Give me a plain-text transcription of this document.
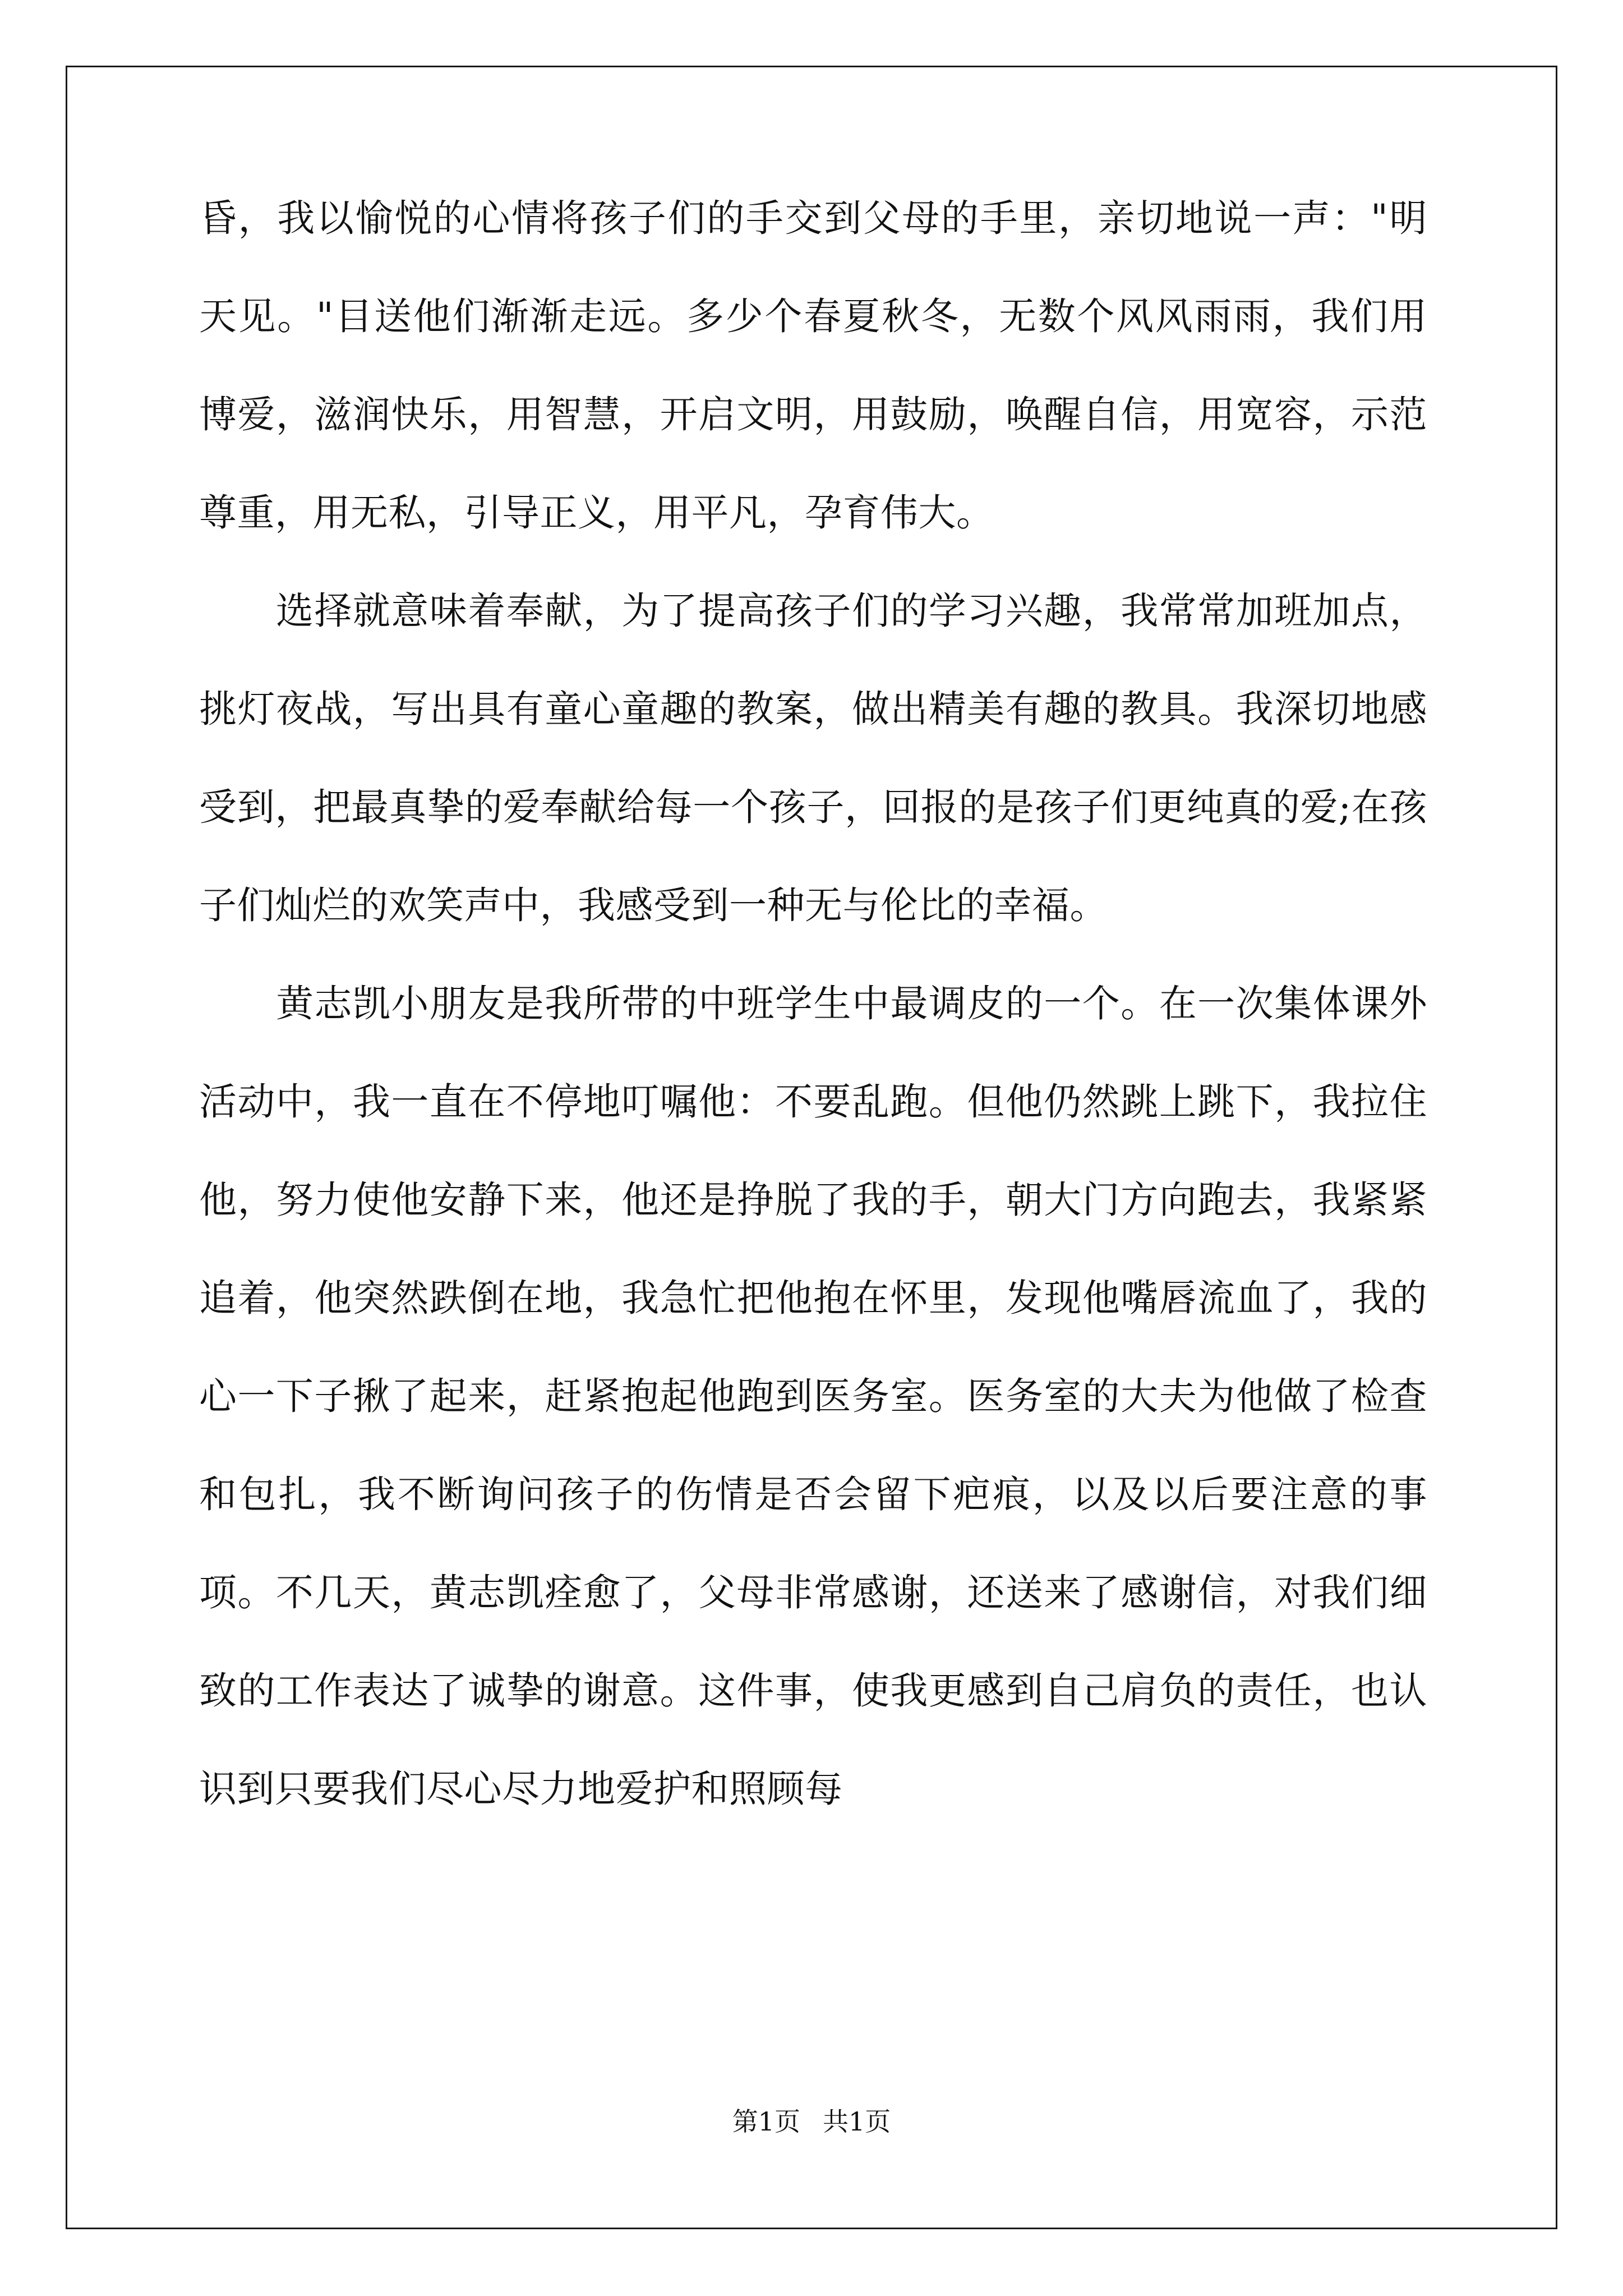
昏，我以愉悦的心情将孩子们的手交到父母的手里，亲切地说一声："明天见。"目送他们渐渐走远。多少个春夏秋冬，无数个风风雨雨，我们用博爱，滋润快乐，用智慧，开启文明，用鼓励，唤醒自信，用宽容，示范尊重，用无私，引导正义，用平凡，孕育伟大。

选择就意味着奉献，为了提高孩子们的学习兴趣，我常常加班加点，挑灯夜战，写出具有童心童趣的教案，做出精美有趣的教具。我深切地感受到，把最真挚的爱奉献给每一个孩子，回报的是孩子们更纯真的爱;在孩子们灿烂的欢笑声中，我感受到一种无与伦比的幸福。

黄志凯小朋友是我所带的中班学生中最调皮的一个。在一次集体课外活动中，我一直在不停地叮嘱他：不要乱跑。但他仍然跳上跳下，我拉住他，努力使他安静下来，他还是挣脱了我的手，朝大门方向跑去，我紧紧追着，他突然跌倒在地，我急忙把他抱在怀里，发现他嘴唇流血了，我的心一下子揪了起来，赶紧抱起他跑到医务室。医务室的大夫为他做了检查和包扎，我不断询问孩子的伤情是否会留下疤痕，以及以后要注意的事项。不几天，黄志凯痊愈了，父母非常感谢，还送来了感谢信，对我们细致的工作表达了诚挚的谢意。这件事，使我更感到自己肩负的责任，也认识到只要我们尽心尽力地爱护和照顾每

第1页 共1页
